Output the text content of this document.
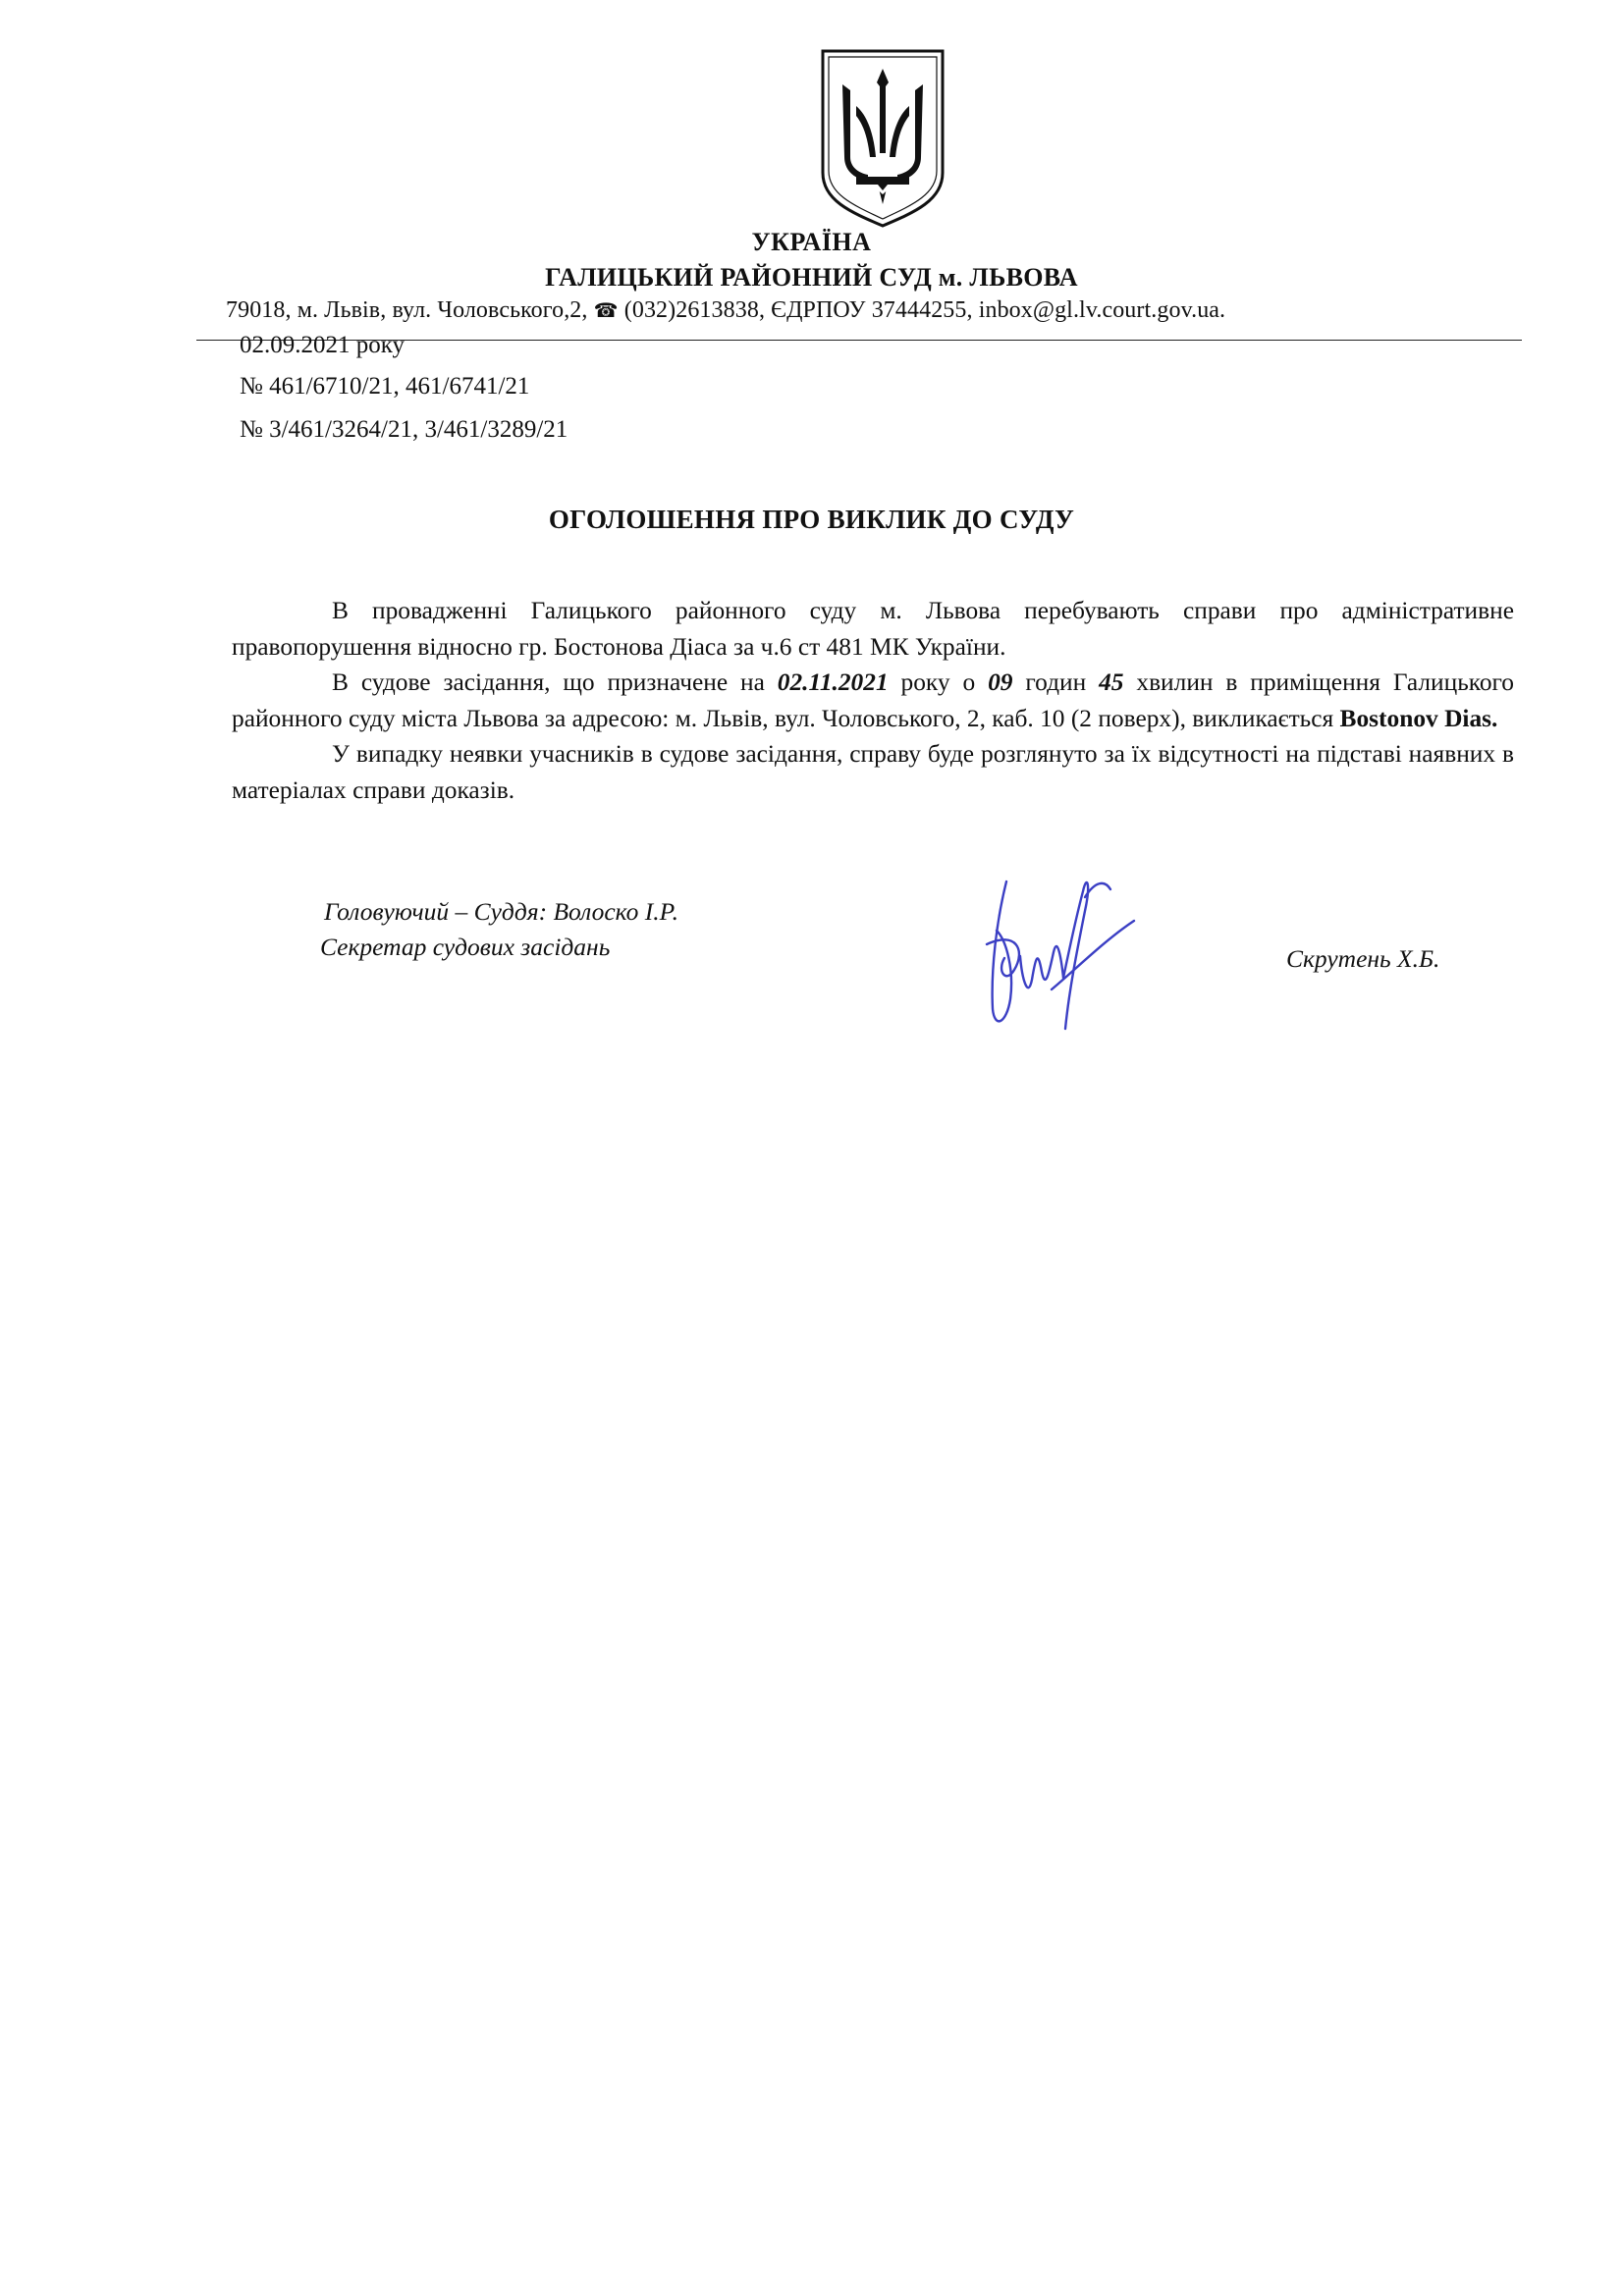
УКРАЇНА
ГАЛИЦЬКИЙ РАЙОННИЙ СУД м. ЛЬВОВА
79018, м. Львів, вул. Чоловського,2, ☎ (032)2613838, ЄДРПОУ 37444255, inbox@gl.lv.court.gov.ua.
02.09.2021 року
№ 461/6710/21, 461/6741/21
№ 3/461/3264/21, 3/461/3289/21
ОГОЛОШЕННЯ ПРО ВИКЛИК ДО СУДУ

В провадженні Галицького районного суду м. Львова перебувають справи про адміністративне правопорушення відносно гр. Бостонова Діаса за ч.6 ст 481 МК України.

В судове засідання, що призначене на 02.11.2021 року о 09 годин 45 хвилин в приміщення Галицького районного суду міста Львова за адресою: м. Львів, вул. Чоловського, 2, каб. 10 (2 поверх), викликається Bostonov Dias.

У випадку неявки учасників в судове засідання, справу буде розглянуто за їх відсутності на підставі наявних в матеріалах справи доказів.

Головуючий – Суддя: Волоско І.Р.
Секретар судових засідань	Скрутень Х.Б.
